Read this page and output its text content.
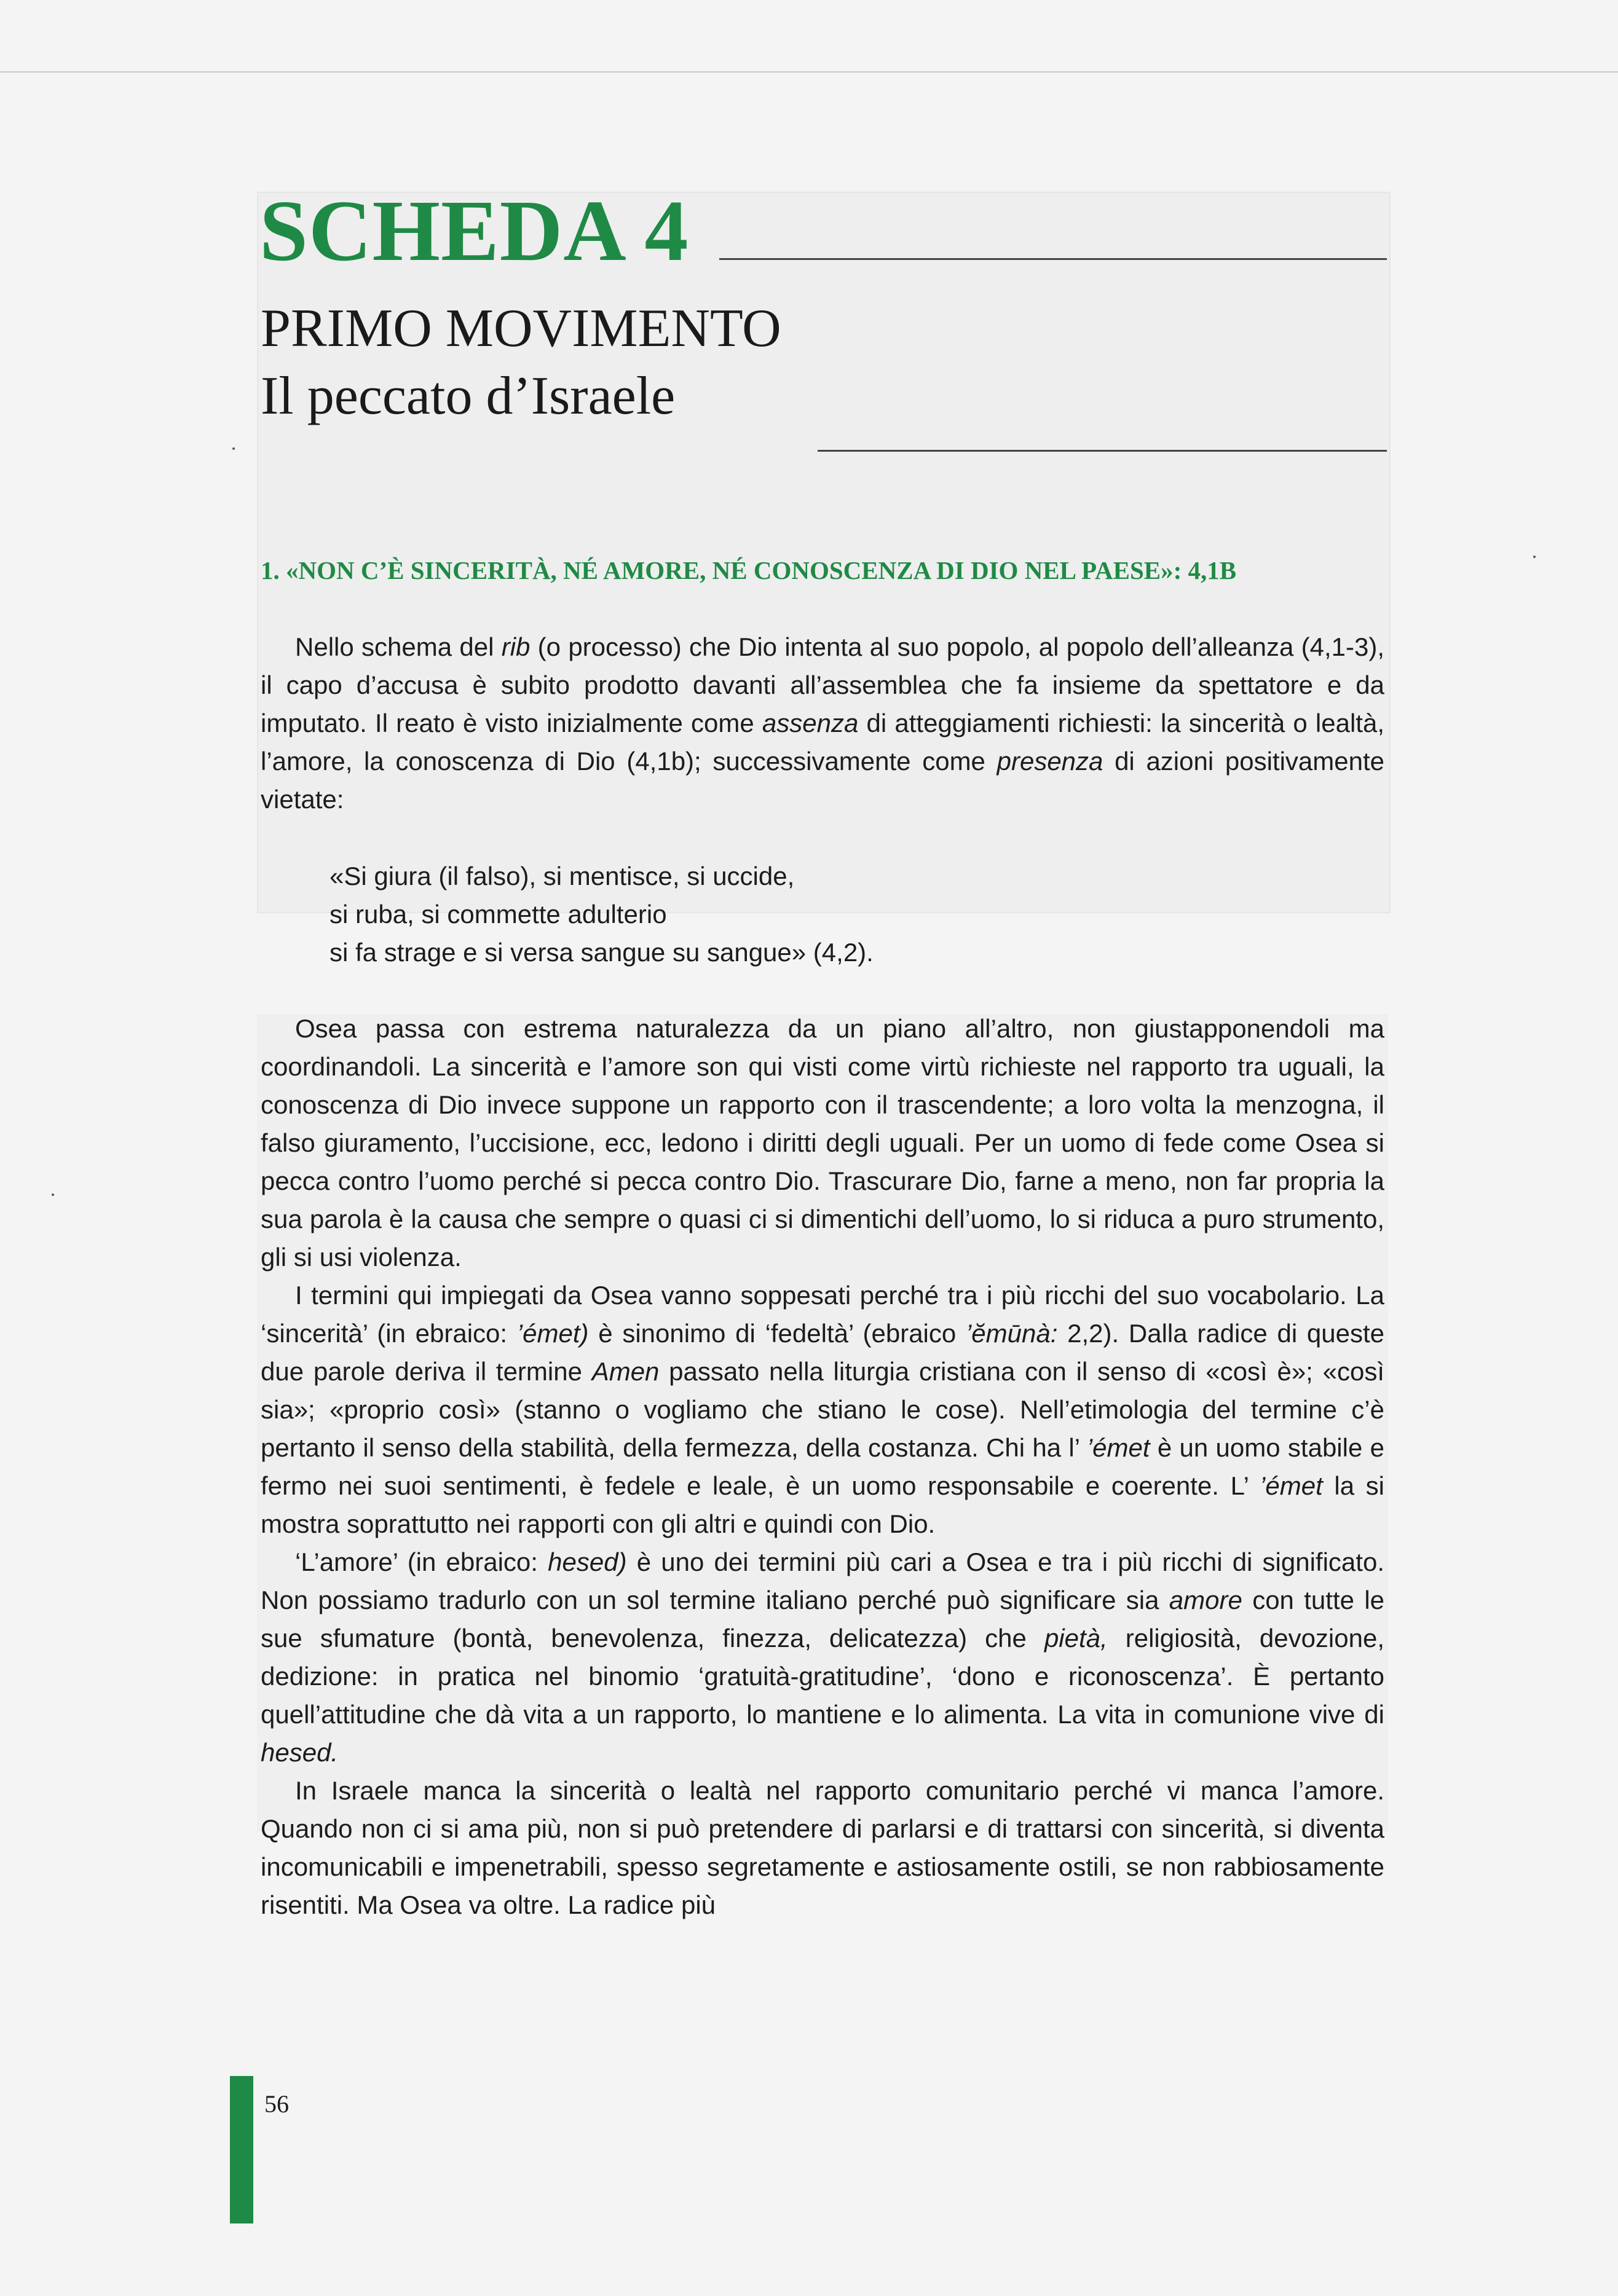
SCHEDA 4
PRIMO MOVIMENTO
Il peccato d’Israele
1. «NON C’È SINCERITÀ, NÉ AMORE, NÉ CONOSCENZA DI DIO NEL PAESE»: 4,1B

Nello schema del rib (o processo) che Dio intenta al suo popolo, al popolo dell’alleanza (4,1-3), il capo d’accusa è subito prodotto davanti all’assemblea che fa insieme da spettatore e da imputato. Il reato è visto inizialmente come assenza di atteggiamenti richiesti: la sincerità o lealtà, l’amore, la conoscenza di Dio (4,1b); successivamente come presenza di azioni positivamente vietate:

«Si giura (il falso), si mentisce, si uccide,
si ruba, si commette adulterio
si fa strage e si versa sangue su sangue» (4,2).

Osea passa con estrema naturalezza da un piano all’altro, non giustapponendoli ma coordinandoli. La sincerità e l’amore son qui visti come virtù richieste nel rapporto tra uguali, la conoscenza di Dio invece suppone un rapporto con il trascendente; a loro volta la menzogna, il falso giuramento, l’uccisione, ecc, ledono i diritti degli uguali. Per un uomo di fede come Osea si pecca contro l’uomo perché si pecca contro Dio. Trascurare Dio, farne a meno, non far propria la sua parola è la causa che sempre o quasi ci si dimentichi dell’uomo, lo si riduca a puro strumento, gli si usi violenza.

I termini qui impiegati da Osea vanno soppesati perché tra i più ricchi del suo vocabolario. La ‘sincerità’ (in ebraico: ’émet) è sinonimo di ‘fedeltà’ (ebraico ’ĕmūnà: 2,2). Dalla radice di queste due parole deriva il termine Amen passato nella liturgia cristiana con il senso di «così è»; «così sia»; «proprio così» (stanno o vogliamo che stiano le cose). Nell’etimologia del termine c’è pertanto il senso della stabilità, della fermezza, della costanza. Chi ha l’ ’émet è un uomo stabile e fermo nei suoi sentimenti, è fedele e leale, è un uomo responsabile e coerente. L’ ’émet la si mostra soprattutto nei rapporti con gli altri e quindi con Dio.

‘L’amore’ (in ebraico: hesed) è uno dei termini più cari a Osea e tra i più ricchi di significato. Non possiamo tradurlo con un sol termine italiano perché può significare sia amore con tutte le sue sfumature (bontà, benevolenza, finezza, delicatezza) che pietà, religiosità, devozione, dedizione: in pratica nel binomio ‘gratuità-gratitudine’, ‘dono e riconoscenza’. È pertanto quell’attitudine che dà vita a un rapporto, lo mantiene e lo alimenta. La vita in comunione vive di hesed.

In Israele manca la sincerità o lealtà nel rapporto comunitario perché vi manca l’amore. Quando non ci si ama più, non si può pretendere di parlarsi e di trattarsi con sincerità, si diventa incomunicabili e impenetrabili, spesso segretamente e astiosamente ostili, se non rabbiosamente risentiti. Ma Osea va oltre. La radice più

56
